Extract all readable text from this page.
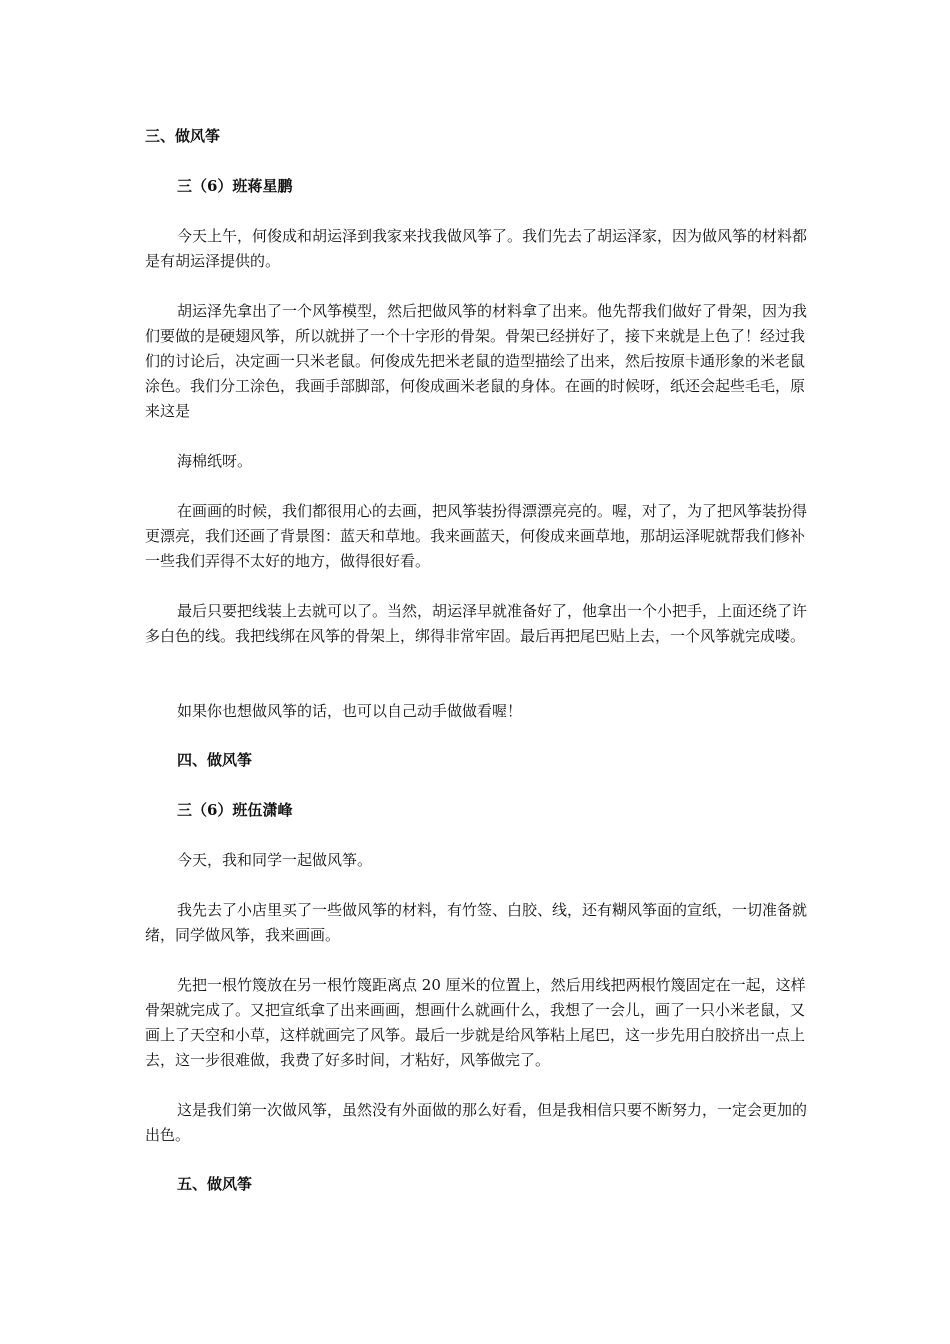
三、做风筝

三（6）班蒋星鹏

今天上午，何俊成和胡运泽到我家来找我做风筝了。我们先去了胡运泽家，因为做风筝的材料都是有胡运泽提供的。

胡运泽先拿出了一个风筝模型，然后把做风筝的材料拿了出来。他先帮我们做好了骨架，因为我们要做的是硬翅风筝，所以就拼了一个十字形的骨架。骨架已经拼好了，接下来就是上色了！经过我们的讨论后，决定画一只米老鼠。何俊成先把米老鼠的造型描绘了出来，然后按原卡通形象的米老鼠涂色。我们分工涂色，我画手部脚部，何俊成画米老鼠的身体。在画的时候呀，纸还会起些毛毛，原来这是

海棉纸呀。

在画画的时候，我们都很用心的去画，把风筝装扮得漂漂亮亮的。喔，对了，为了把风筝装扮得更漂亮，我们还画了背景图：蓝天和草地。我来画蓝天，何俊成来画草地，那胡运泽呢就帮我们修补一些我们弄得不太好的地方，做得很好看。

最后只要把线装上去就可以了。当然，胡运泽早就准备好了，他拿出一个小把手，上面还绕了许多白色的线。我把线绑在风筝的骨架上，绑得非常牢固。最后再把尾巴贴上去，一个风筝就完成喽。

如果你也想做风筝的话，也可以自己动手做做看喔！

四、做风筝

三（6）班伍潇峰

今天，我和同学一起做风筝。

我先去了小店里买了一些做风筝的材料，有竹签、白胶、线，还有糊风筝面的宣纸，一切准备就绪，同学做风筝，我来画画。

先把一根竹篾放在另一根竹篾距离点 20 厘米的位置上，然后用线把两根竹篾固定在一起，这样骨架就完成了。又把宣纸拿了出来画画，想画什么就画什么，我想了一会儿，画了一只小米老鼠，又画上了天空和小草，这样就画完了风筝。最后一步就是给风筝粘上尾巴，这一步先用白胶挤出一点上去，这一步很难做，我费了好多时间，才粘好，风筝做完了。

这是我们第一次做风筝，虽然没有外面做的那么好看，但是我相信只要不断努力，一定会更加的出色。

五、做风筝
